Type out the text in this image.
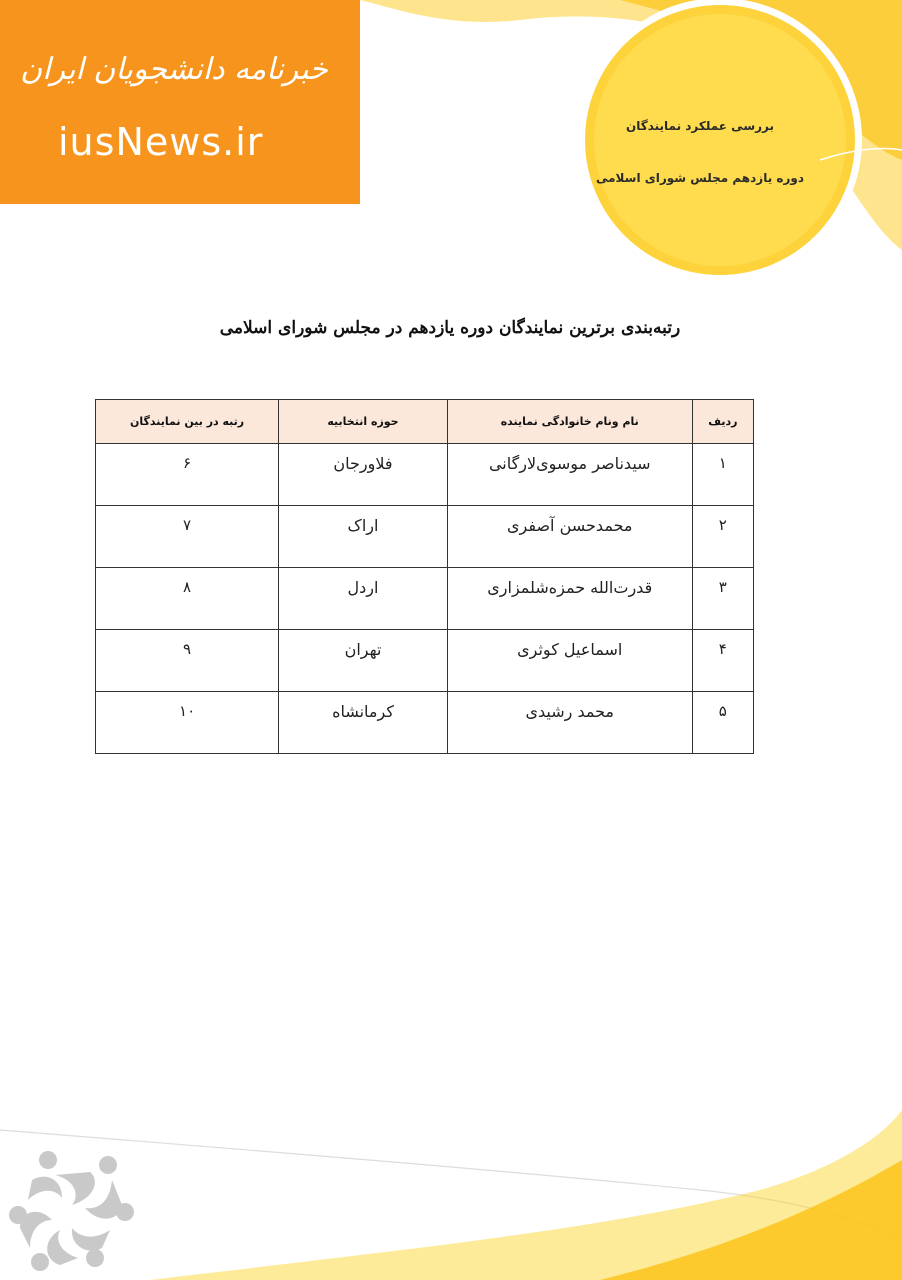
خبرنامه دانشجویان ایران
iusNews.ir	بررسی عملکرد نمایندگان
دوره یازدهم مجلس شورای اسلامی
رتبه‌بندی برترین نمایندگان دوره یازدهم در مجلس شورای اسلامی
ردیف	نام ونام خانوادگی نماینده	حوزه انتخابیه	رتبه در بین نمایندگان
۱	سیدناصر موسوی‌لارگانی	فلاورجان	۶
۲	محمدحسن آصفری	اراک	۷
۳	قدرت‌الله حمزه‌شلمزاری	اردل	۸
۴	اسماعیل کوثری	تهران	۹
۵	محمد رشیدی	کرمانشاه	۱۰
